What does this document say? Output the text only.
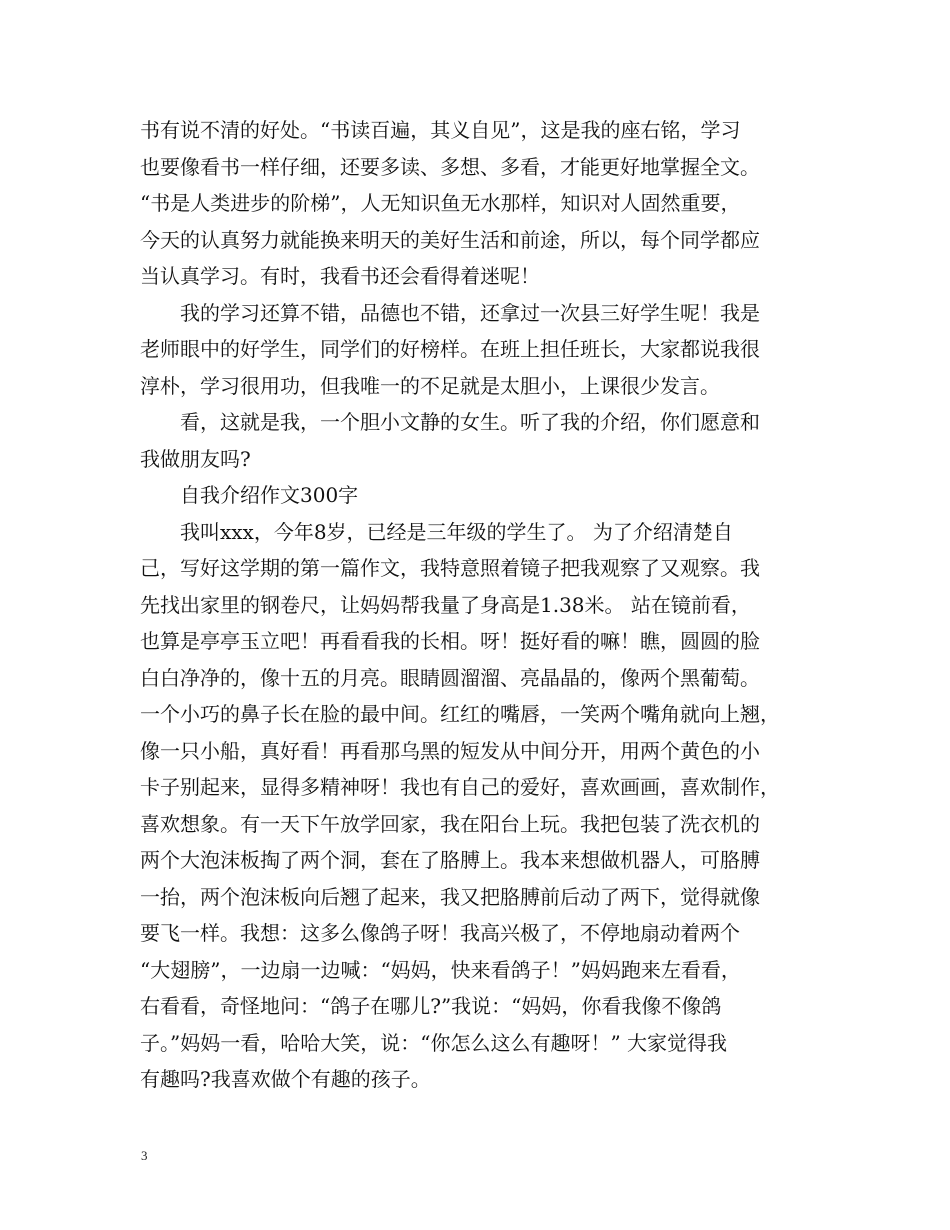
书有说不清的好处。“书读百遍，其义自见”，这是我的座右铭，学习
也要像看书一样仔细，还要多读、多想、多看，才能更好地掌握全文。
“书是人类进步的阶梯”，人无知识鱼无水那样，知识对人固然重要，
今天的认真努力就能换来明天的美好生活和前途，所以，每个同学都应
当认真学习。有时，我看书还会看得着迷呢！
我的学习还算不错，品德也不错，还拿过一次县三好学生呢！我是
老师眼中的好学生，同学们的好榜样。在班上担任班长，大家都说我很
淳朴，学习很用功，但我唯一的不足就是太胆小，上课很少发言。
看，这就是我，一个胆小文静的女生。听了我的介绍，你们愿意和
我做朋友吗?
自我介绍作文300字
我叫xxx，今年8岁，已经是三年级的学生了。 为了介绍清楚自
己，写好这学期的第一篇作文，我特意照着镜子把我观察了又观察。我
先找出家里的钢卷尺，让妈妈帮我量了身高是1.38米。 站在镜前看，
也算是亭亭玉立吧！再看看我的长相。呀！挺好看的嘛！瞧，圆圆的脸
白白净净的，像十五的月亮。眼睛圆溜溜、亮晶晶的，像两个黑葡萄。
一个小巧的鼻子长在脸的最中间。红红的嘴唇，一笑两个嘴角就向上翘，
像一只小船，真好看！再看那乌黑的短发从中间分开，用两个黄色的小
卡子别起来，显得多精神呀！我也有自己的爱好，喜欢画画，喜欢制作，
喜欢想象。有一天下午放学回家，我在阳台上玩。我把包装了洗衣机的
两个大泡沫板掏了两个洞，套在了胳膊上。我本来想做机器人，可胳膊
一抬，两个泡沫板向后翘了起来，我又把胳膊前后动了两下，觉得就像
要飞一样。我想：这多么像鸽子呀！我高兴极了，不停地扇动着两个
“大翅膀”，一边扇一边喊：“妈妈，快来看鸽子！”妈妈跑来左看看，
右看看，奇怪地问：“鸽子在哪儿?”我说：“妈妈，你看我像不像鸽
子。”妈妈一看，哈哈大笑，说：“你怎么这么有趣呀！” 大家觉得我
有趣吗?我喜欢做个有趣的孩子。
3
